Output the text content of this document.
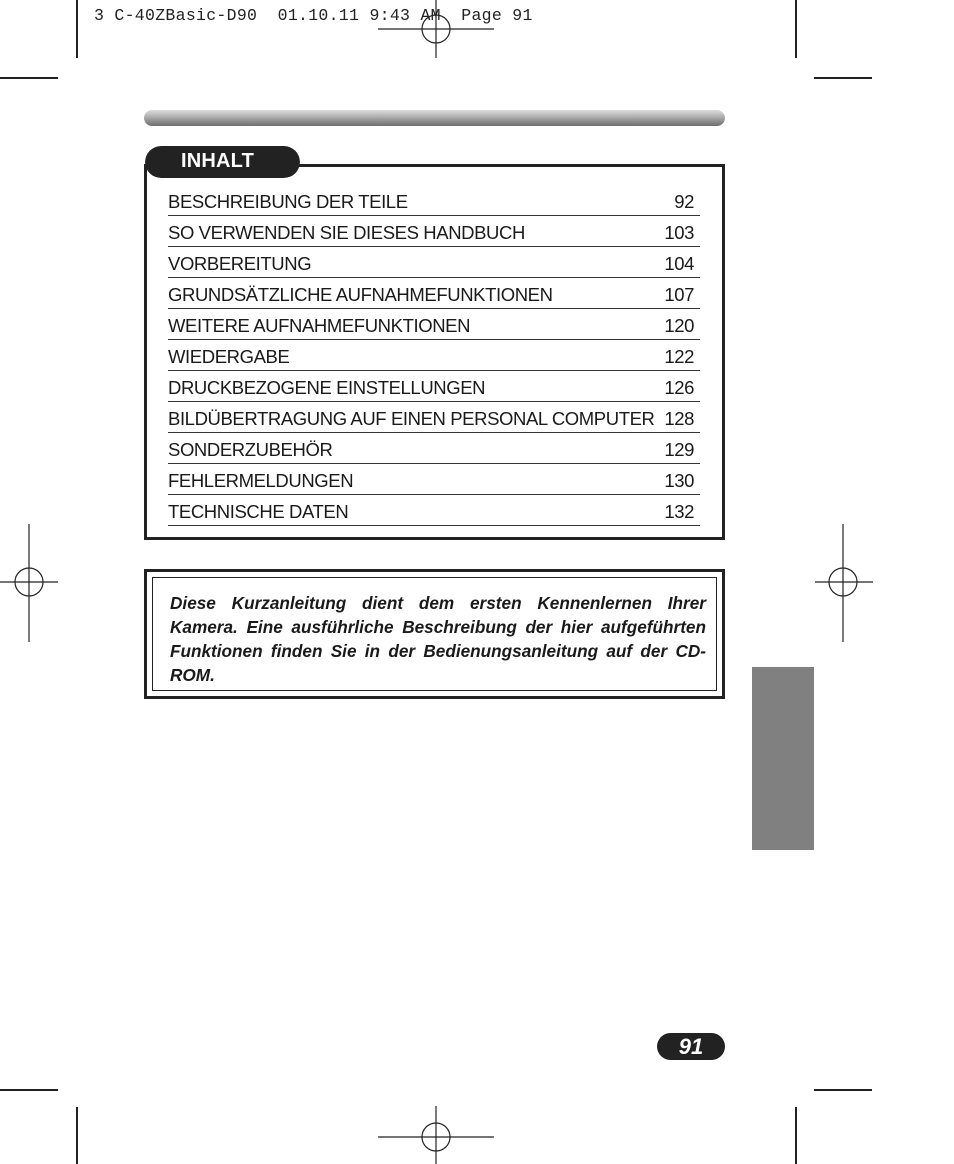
3 C-40ZBasic-D90  01.10.11 9:43 AM  Page 91
INHALT
BESCHREIBUNG DER TEILE	92
SO VERWENDEN SIE DIESES HANDBUCH	103
VORBEREITUNG	104
GRUNDSÄTZLICHE AUFNAHMEFUNKTIONEN	107
WEITERE AUFNAHMEFUNKTIONEN	120
WIEDERGABE	122
DRUCKBEZOGENE EINSTELLUNGEN	126
BILDÜBERTRAGUNG AUF EINEN PERSONAL COMPUTER 128
SONDERZUBEHÖR	129
FEHLERMELDUNGEN	130
TECHNISCHE DATEN	132

Diese Kurzanleitung dient dem ersten Kennenlernen Ihrer Kamera. Eine ausführliche Beschreibung der hier aufgeführten Funktionen finden Sie in der Bedienungsanleitung auf der CD-ROM.

91
